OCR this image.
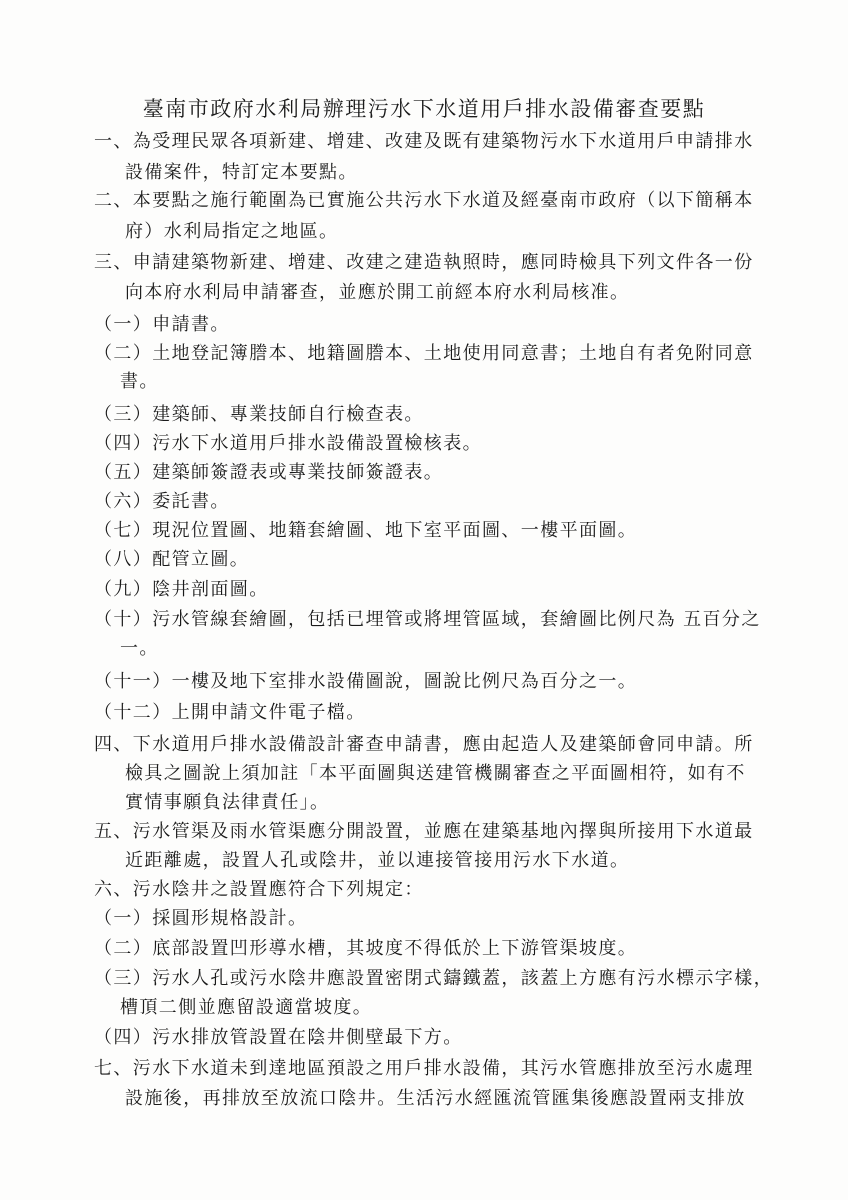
臺南市政府水利局辦理污水下水道用戶排水設備審查要點
一、為受理民眾各項新建、增建、改建及既有建築物污水下水道用戶申請排水
設備案件，特訂定本要點。
二、本要點之施行範圍為已實施公共污水下水道及經臺南市政府（以下簡稱本
府）水利局指定之地區。
三、申請建築物新建、增建、改建之建造執照時，應同時檢具下列文件各一份
向本府水利局申請審查，並應於開工前經本府水利局核准。
（一）申請書。
（二）土地登記簿謄本、地籍圖謄本、土地使用同意書；土地自有者免附同意
書。
（三）建築師、專業技師自行檢查表。
（四）污水下水道用戶排水設備設置檢核表。
（五）建築師簽證表或專業技師簽證表。
（六）委託書。
（七）現況位置圖、地籍套繪圖、地下室平面圖、一樓平面圖。
（八）配管立圖。
（九）陰井剖面圖。
（十）污水管線套繪圖，包括已埋管或將埋管區域，套繪圖比例尺為 五百分之
一。
（十一）一樓及地下室排水設備圖說，圖說比例尺為百分之一。
（十二）上開申請文件電子檔。
四、下水道用戶排水設備設計審查申請書，應由起造人及建築師會同申請。所
檢具之圖說上須加註「本平面圖與送建管機關審查之平面圖相符，如有不
實情事願負法律責任」。
五、污水管渠及雨水管渠應分開設置，並應在建築基地內擇與所接用下水道最
近距離處，設置人孔或陰井，並以連接管接用污水下水道。
六、污水陰井之設置應符合下列規定：
（一）採圓形規格設計。
（二）底部設置凹形導水槽，其坡度不得低於上下游管渠坡度。
（三）污水人孔或污水陰井應設置密閉式鑄鐵蓋，該蓋上方應有污水標示字樣，
槽頂二側並應留設適當坡度。
（四）污水排放管設置在陰井側壁最下方。
七、污水下水道未到達地區預設之用戶排水設備，其污水管應排放至污水處理
設施後，再排放至放流口陰井。生活污水經匯流管匯集後應設置兩支排放
